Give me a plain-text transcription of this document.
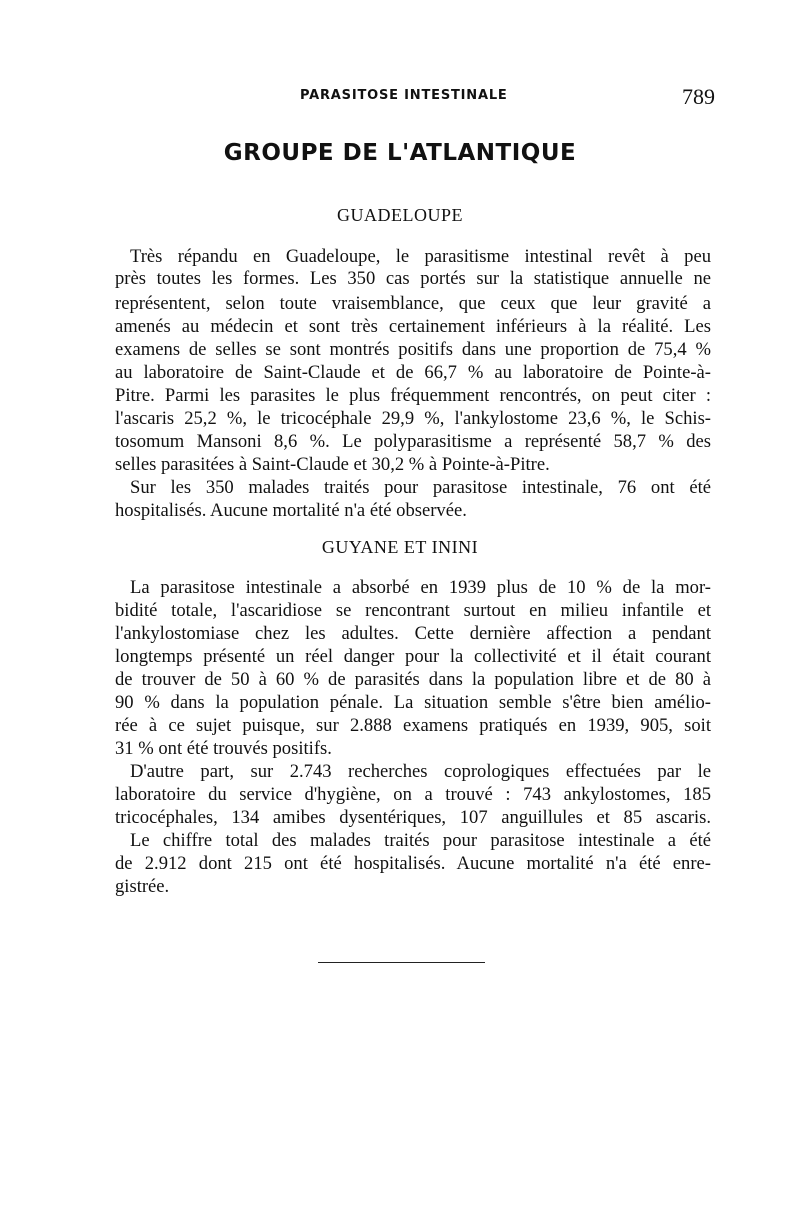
PARASITOSE INTESTINALE	789
GROUPE DE L'ATLANTIQUE
GUADELOUPE

Très répandu en Guadeloupe, le parasitisme intestinal revêt à peu

près toutes les formes. Les 350 cas portés sur la statistique annuelle ne

représentent, selon toute vraisemblance, que ceux que leur gravité a

amenés au médecin et sont très certainement inférieurs à la réalité. Les

examens de selles se sont montrés positifs dans une proportion de 75,4 %

au laboratoire de Saint-Claude et de 66,7 % au laboratoire de Pointe-à-

Pitre. Parmi les parasites le plus fréquemment rencontrés, on peut citer :

l'ascaris 25,2 %, le tricocéphale 29,9 %, l'ankylostome 23,6 %, le Schis-

tosomum Mansoni 8,6 %. Le polyparasitisme a représenté 58,7 % des

selles parasitées à Saint-Claude et 30,2 % à Pointe-à-Pitre.

Sur les 350 malades traités pour parasitose intestinale, 76 ont été

hospitalisés. Aucune mortalité n'a été observée.

GUYANE ET ININI

La parasitose intestinale a absorbé en 1939 plus de 10 % de la mor-

bidité totale, l'ascaridiose se rencontrant surtout en milieu infantile et

l'ankylostomiase chez les adultes. Cette dernière affection a pendant

longtemps présenté un réel danger pour la collectivité et il était courant

de trouver de 50 à 60 % de parasités dans la population libre et de 80 à

90 % dans la population pénale. La situation semble s'être bien amélio-

rée à ce sujet puisque, sur 2.888 examens pratiqués en 1939, 905, soit

31 % ont été trouvés positifs.

D'autre part, sur 2.743 recherches coprologiques effectuées par le

laboratoire du service d'hygiène, on a trouvé : 743 ankylostomes, 185

tricocéphales, 134 amibes dysentériques, 107 anguillules et 85 ascaris.

Le chiffre total des malades traités pour parasitose intestinale a été

de 2.912 dont 215 ont été hospitalisés. Aucune mortalité n'a été enre-

gistrée.
